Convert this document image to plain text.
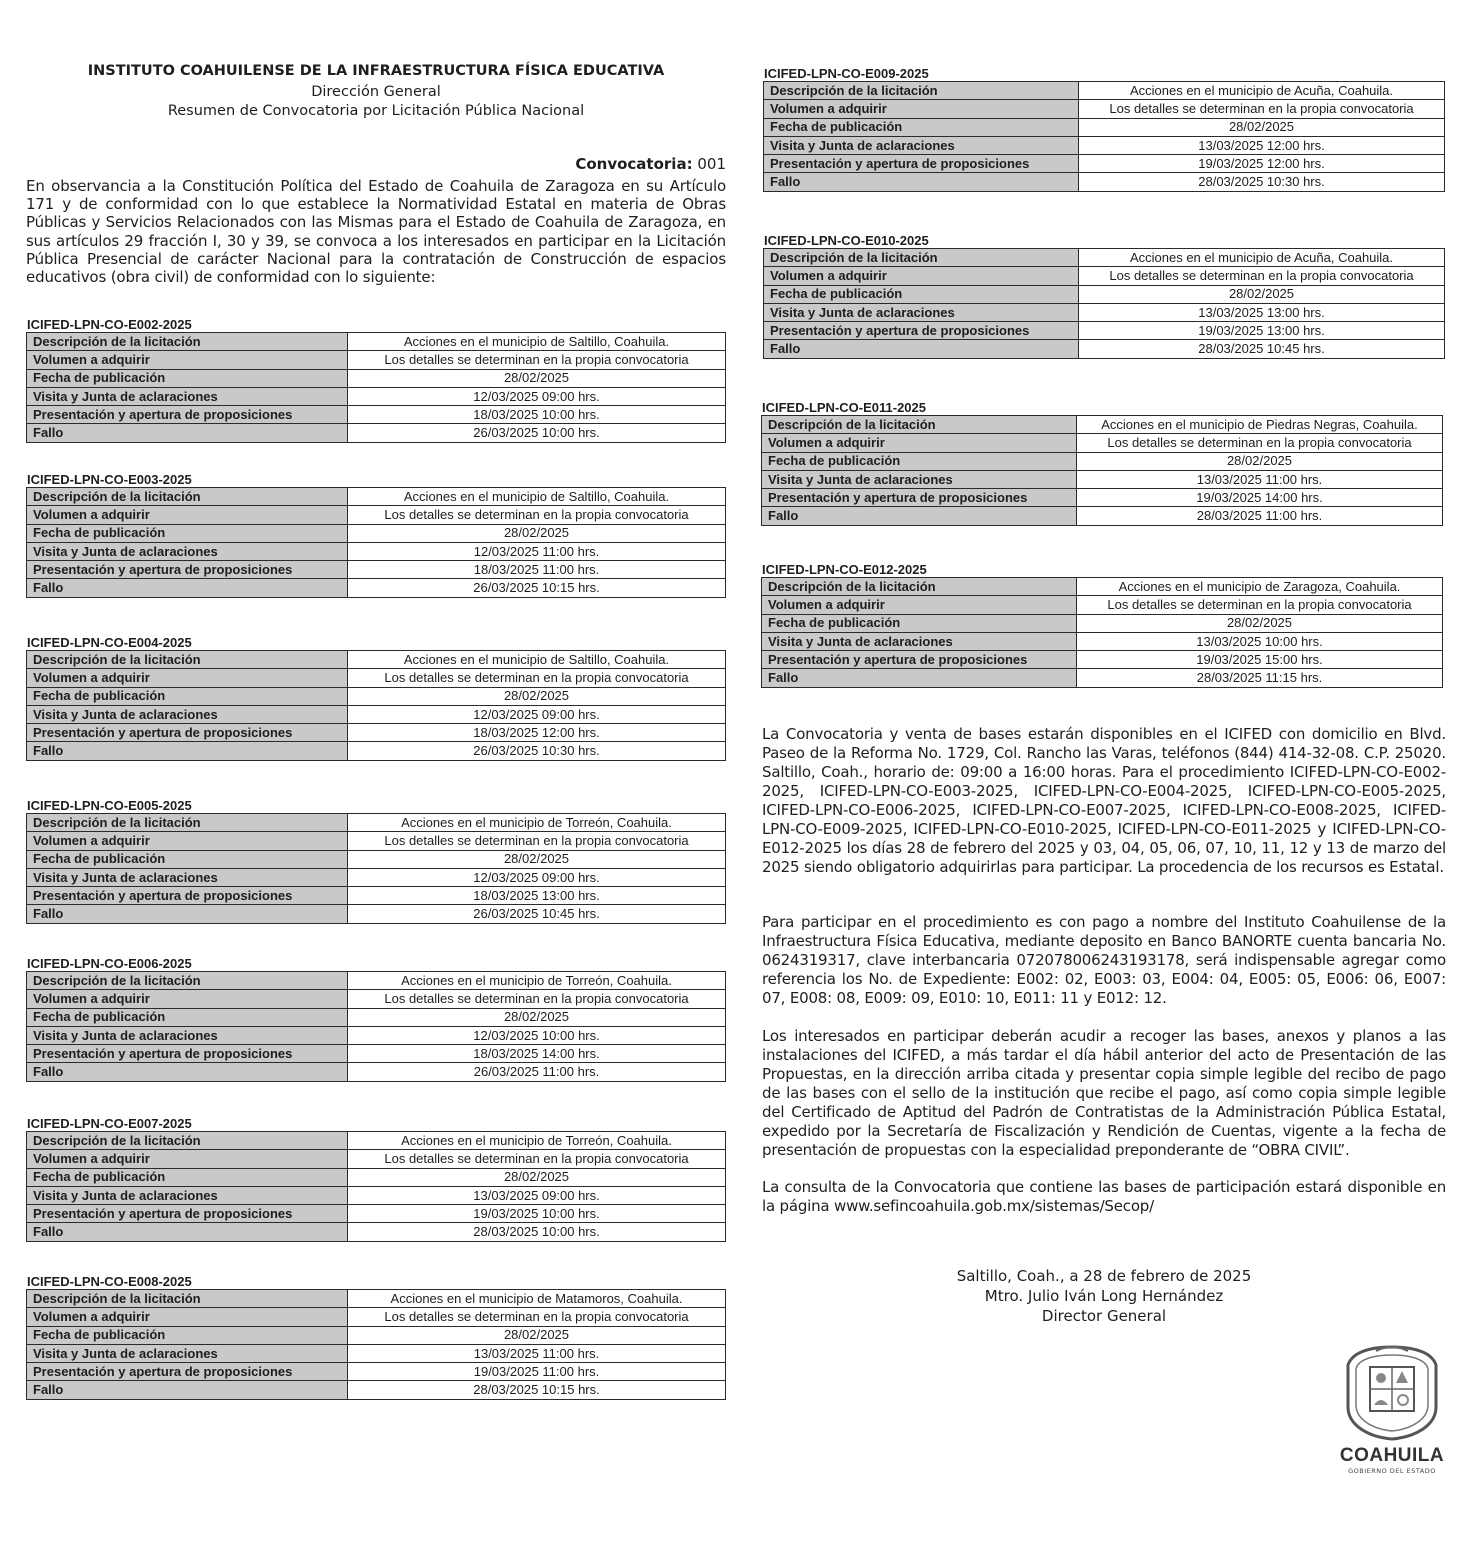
INSTITUTO COAHUILENSE DE LA INFRAESTRUCTURA FÍSICA EDUCATIVA
Dirección General
Resumen de Convocatoria por Licitación Pública Nacional
Convocatoria: 001
En observancia a la Constitución Política del Estado de Coahuila de Zaragoza en su Artículo 171 y de conformidad con lo que establece la Normatividad Estatal en materia de Obras Públicas y Servicios Relacionados con las Mismas para el Estado de Coahuila de Zaragoza, en sus artículos 29 fracción I, 30 y 39, se convoca a los interesados en participar en la Licitación Pública Presencial de carácter Nacional para la contratación de Construcción de espacios educativos (obra civil) de conformidad con lo siguiente:
ICIFED-LPN-CO-E002-2025
Descripción de la licitación	Acciones en el municipio de Saltillo, Coahuila.
Volumen a adquirir	Los detalles se determinan en la propia convocatoria
Fecha de publicación	28/02/2025
Visita y Junta de aclaraciones	12/03/2025 09:00 hrs.
Presentación y apertura de proposiciones	18/03/2025 10:00 hrs.
Fallo	26/03/2025 10:00 hrs.
ICIFED-LPN-CO-E003-2025
Descripción de la licitación	Acciones en el municipio de Saltillo, Coahuila.
Volumen a adquirir	Los detalles se determinan en la propia convocatoria
Fecha de publicación	28/02/2025
Visita y Junta de aclaraciones	12/03/2025 11:00 hrs.
Presentación y apertura de proposiciones	18/03/2025 11:00 hrs.
Fallo	26/03/2025 10:15 hrs.
ICIFED-LPN-CO-E004-2025
Descripción de la licitación	Acciones en el municipio de Saltillo, Coahuila.
Volumen a adquirir	Los detalles se determinan en la propia convocatoria
Fecha de publicación	28/02/2025
Visita y Junta de aclaraciones	12/03/2025 09:00 hrs.
Presentación y apertura de proposiciones	18/03/2025 12:00 hrs.
Fallo	26/03/2025 10:30 hrs.
ICIFED-LPN-CO-E005-2025
Descripción de la licitación	Acciones en el municipio de Torreón, Coahuila.
Volumen a adquirir	Los detalles se determinan en la propia convocatoria
Fecha de publicación	28/02/2025
Visita y Junta de aclaraciones	12/03/2025 09:00 hrs.
Presentación y apertura de proposiciones	18/03/2025 13:00 hrs.
Fallo	26/03/2025 10:45 hrs.
ICIFED-LPN-CO-E006-2025
Descripción de la licitación	Acciones en el municipio de Torreón, Coahuila.
Volumen a adquirir	Los detalles se determinan en la propia convocatoria
Fecha de publicación	28/02/2025
Visita y Junta de aclaraciones	12/03/2025 10:00 hrs.
Presentación y apertura de proposiciones	18/03/2025 14:00 hrs.
Fallo	26/03/2025 11:00 hrs.
ICIFED-LPN-CO-E007-2025
Descripción de la licitación	Acciones en el municipio de Torreón, Coahuila.
Volumen a adquirir	Los detalles se determinan en la propia convocatoria
Fecha de publicación	28/02/2025
Visita y Junta de aclaraciones	13/03/2025 09:00 hrs.
Presentación y apertura de proposiciones	19/03/2025 10:00 hrs.
Fallo	28/03/2025 10:00 hrs.
ICIFED-LPN-CO-E008-2025
Descripción de la licitación	Acciones en el municipio de Matamoros, Coahuila.
Volumen a adquirir	Los detalles se determinan en la propia convocatoria
Fecha de publicación	28/02/2025
Visita y Junta de aclaraciones	13/03/2025 11:00 hrs.
Presentación y apertura de proposiciones	19/03/2025 11:00 hrs.
Fallo	28/03/2025 10:15 hrs.
ICIFED-LPN-CO-E009-2025
Descripción de la licitación	Acciones en el municipio de Acuña, Coahuila.
Volumen a adquirir	Los detalles se determinan en la propia convocatoria
Fecha de publicación	28/02/2025
Visita y Junta de aclaraciones	13/03/2025 12:00 hrs.
Presentación y apertura de proposiciones	19/03/2025 12:00 hrs.
Fallo	28/03/2025 10:30 hrs.
ICIFED-LPN-CO-E010-2025
Descripción de la licitación	Acciones en el municipio de Acuña, Coahuila.
Volumen a adquirir	Los detalles se determinan en la propia convocatoria
Fecha de publicación	28/02/2025
Visita y Junta de aclaraciones	13/03/2025 13:00 hrs.
Presentación y apertura de proposiciones	19/03/2025 13:00 hrs.
Fallo	28/03/2025 10:45 hrs.
ICIFED-LPN-CO-E011-2025
Descripción de la licitación	Acciones en el municipio de Piedras Negras, Coahuila.
Volumen a adquirir	Los detalles se determinan en la propia convocatoria
Fecha de publicación	28/02/2025
Visita y Junta de aclaraciones	13/03/2025 11:00 hrs.
Presentación y apertura de proposiciones	19/03/2025 14:00 hrs.
Fallo	28/03/2025 11:00 hrs.
ICIFED-LPN-CO-E012-2025
Descripción de la licitación	Acciones en el municipio de Zaragoza, Coahuila.
Volumen a adquirir	Los detalles se determinan en la propia convocatoria
Fecha de publicación	28/02/2025
Visita y Junta de aclaraciones	13/03/2025 10:00 hrs.
Presentación y apertura de proposiciones	19/03/2025 15:00 hrs.
Fallo	28/03/2025 11:15 hrs.
La Convocatoria y venta de bases estarán disponibles en el ICIFED con domicilio en Blvd. Paseo de la Reforma No. 1729, Col. Rancho las Varas, teléfonos (844) 414-32-08. C.P. 25020. Saltillo, Coah., horario de: 09:00 a 16:00 horas. Para el procedimiento ICIFED-LPN-CO-E002-2025, ICIFED-LPN-CO-E003-2025, ICIFED-LPN-CO-E004-2025, ICIFED-LPN-CO-E005-2025, ICIFED-LPN-CO-E006-2025, ICIFED-LPN-CO-E007-2025, ICIFED-LPN-CO-E008-2025, ICIFED-LPN-CO-E009-2025, ICIFED-LPN-CO-E010-2025, ICIFED-LPN-CO-E011-2025 y ICIFED-LPN-CO-E012-2025 los días 28 de febrero del 2025 y 03, 04, 05, 06, 07, 10, 11, 12 y 13 de marzo del 2025 siendo obligatorio adquirirlas para participar. La procedencia de los recursos es Estatal.
Para participar en el procedimiento es con pago a nombre del Instituto Coahuilense de la Infraestructura Física Educativa, mediante deposito en Banco BANORTE cuenta bancaria No. 0624319317, clave interbancaria 072078006243193178, será indispensable agregar como referencia los No. de Expediente: E002: 02, E003: 03, E004: 04, E005: 05, E006: 06, E007: 07, E008: 08, E009: 09, E010: 10, E011: 11 y E012: 12.
Los interesados en participar deberán acudir a recoger las bases, anexos y planos a las instalaciones del ICIFED, a más tardar el día hábil anterior del acto de Presentación de las Propuestas, en la dirección arriba citada y presentar copia simple legible del recibo de pago de las bases con el sello de la institución que recibe el pago, así como copia simple legible del Certificado de Aptitud del Padrón de Contratistas de la Administración Pública Estatal, expedido por la Secretaría de Fiscalización y Rendición de Cuentas, vigente a la fecha de presentación de propuestas con la especialidad preponderante de “OBRA CIVIL”.
La consulta de la Convocatoria que contiene las bases de participación estará disponible en la página www.sefincoahuila.gob.mx/sistemas/Secop/
Saltillo, Coah., a 28 de febrero de 2025
Mtro. Julio Iván Long Hernández
Director General
COAHUILA
GOBIERNO DEL ESTADO
